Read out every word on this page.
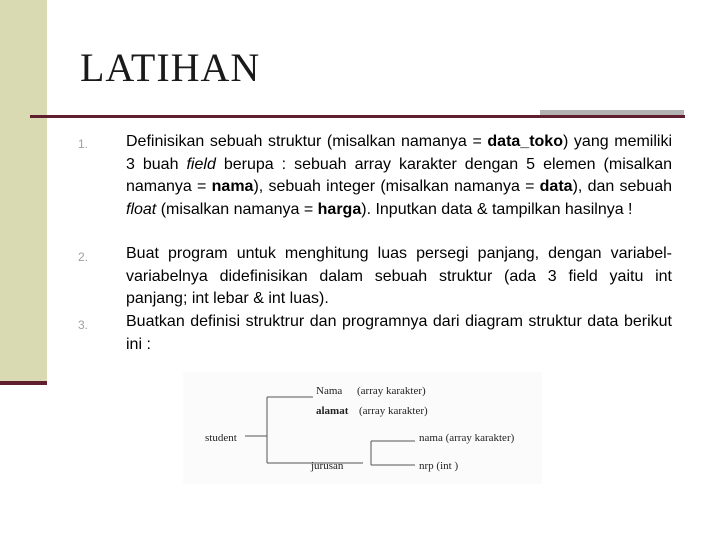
LATIHAN
1. Definisikan sebuah struktur (misalkan namanya = data_toko) yang memiliki 3 buah field berupa : sebuah array karakter dengan 5 elemen (misalkan namanya = nama), sebuah integer (misalkan namanya = data), dan sebuah float (misalkan namanya = harga). Inputkan data & tampilkan hasilnya !
2. Buat program untuk menghitung luas persegi panjang, dengan variabel-variabelnya didefinisikan dalam sebuah struktur (ada 3 field yaitu int panjang; int lebar & int luas).
3. Buatkan definisi struktrur dan programnya dari diagram struktur data berikut ini :
student
Nama (array karakter)
alamat (array karakter)
jurusan
nama (array karakter)
nrp (int )
